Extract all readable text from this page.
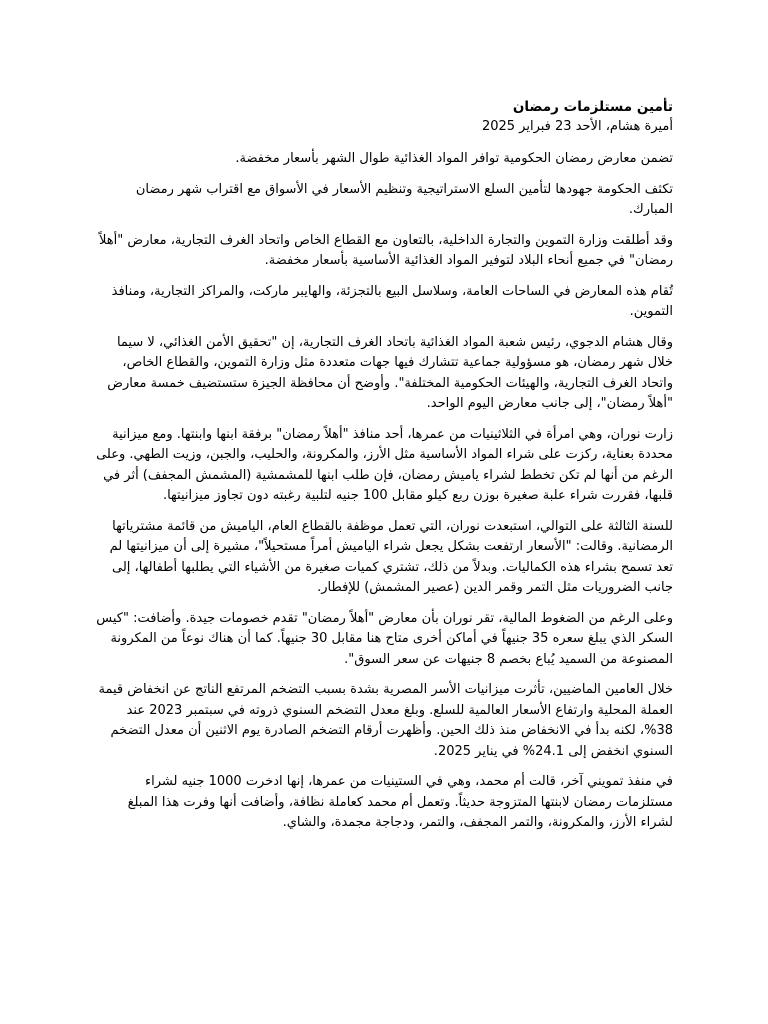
تأمين مستلزمات رمضان
أميرة هشام، الأحد 23 فبراير 2025

تضمن معارض رمضان الحكومية توافر المواد الغذائية طوال الشهر بأسعار مخفضة.

تكثف الحكومة جهودها لتأمين السلع الاستراتيجية وتنظيم الأسعار في الأسواق مع اقتراب شهر رمضان المبارك.

وقد أطلقت وزارة التموين والتجارة الداخلية، بالتعاون مع القطاع الخاص واتحاد الغرف التجارية، معارض "أهلاً رمضان" في جميع أنحاء البلاد لتوفير المواد الغذائية الأساسية بأسعار مخفضة.

تُقام هذه المعارض في الساحات العامة، وسلاسل البيع بالتجزئة، والهايبر ماركت، والمراكز التجارية، ومنافذ التموين.

وقال هشام الدجوي، رئيس شعبة المواد الغذائية باتحاد الغرف التجارية، إن "تحقيق الأمن الغذائي، لا سيما خلال شهر رمضان، هو مسؤولية جماعية تتشارك فيها جهات متعددة مثل وزارة التموين، والقطاع الخاص، واتحاد الغرف التجارية، والهيئات الحكومية المختلفة". وأوضح أن محافظة الجيزة ستستضيف خمسة معارض "أهلاً رمضان"، إلى جانب معارض اليوم الواحد.

زارت نوران، وهي امرأة في الثلاثينيات من عمرها، أحد منافذ "أهلاً رمضان" برفقة ابنها وابنتها. ومع ميزانية محددة بعناية، ركزت على شراء المواد الأساسية مثل الأرز، والمكرونة، والحليب، والجبن، وزيت الطهي. وعلى الرغم من أنها لم تكن تخطط لشراء ياميش رمضان، فإن طلب ابنها للمشمشية (المشمش المجفف) أثر في قلبها، فقررت شراء علبة صغيرة بوزن ربع كيلو مقابل 100 جنيه لتلبية رغبته دون تجاوز ميزانيتها.

للسنة الثالثة على التوالي، استبعدت نوران، التي تعمل موظفة بالقطاع العام، الياميش من قائمة مشترياتها الرمضانية. وقالت: "الأسعار ارتفعت بشكل يجعل شراء الياميش أمراً مستحيلاً"، مشيرة إلى أن ميزانيتها لم تعد تسمح بشراء هذه الكماليات. وبدلاً من ذلك، تشتري كميات صغيرة من الأشياء التي يطلبها أطفالها، إلى جانب الضروريات مثل التمر وقمر الدين (عصير المشمش) للإفطار.

وعلى الرغم من الضغوط المالية، تقر نوران بأن معارض "أهلاً رمضان" تقدم خصومات جيدة. وأضافت: "كيس السكر الذي يبلغ سعره 35 جنيهاً في أماكن أخرى متاح هنا مقابل 30 جنيهاً. كما أن هناك نوعاً من المكرونة المصنوعة من السميد يُباع بخصم 8 جنيهات عن سعر السوق".

خلال العامين الماضيين، تأثرت ميزانيات الأسر المصرية بشدة بسبب التضخم المرتفع الناتج عن انخفاض قيمة العملة المحلية وارتفاع الأسعار العالمية للسلع. وبلغ معدل التضخم السنوي ذروته في سبتمبر 2023 عند 38%، لكنه بدأ في الانخفاض منذ ذلك الحين. وأظهرت أرقام التضخم الصادرة يوم الاثنين أن معدل التضخم السنوي انخفض إلى 24.1% في يناير 2025.

في منفذ تمويني آخر، قالت أم محمد، وهي في الستينيات من عمرها، إنها ادخرت 1000 جنيه لشراء مستلزمات رمضان لابنتها المتزوجة حديثاً. وتعمل أم محمد كعاملة نظافة، وأضافت أنها وفرت هذا المبلغ لشراء الأرز، والمكرونة، والتمر المجفف، والتمر، ودجاجة مجمدة، والشاي.
